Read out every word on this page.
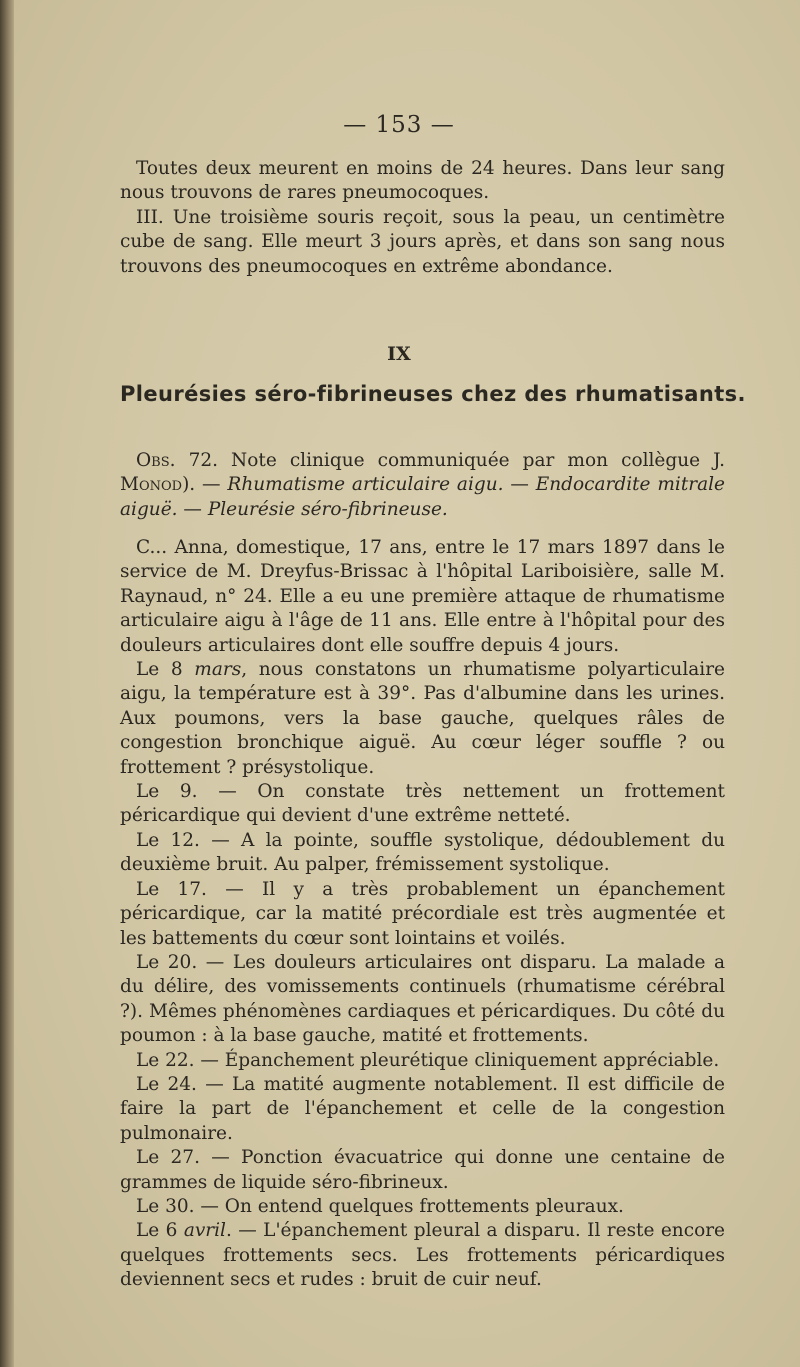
— 153 —

Toutes deux meurent en moins de 24 heures. Dans leur sang nous trouvons de rares pneumocoques.

III. Une troisième souris reçoit, sous la peau, un centimètre cube de sang. Elle meurt 3 jours après, et dans son sang nous trouvons des pneumocoques en extrême abondance.

IX
Pleurésies séro-fibrineuses chez des rhumatisants.

Obs. 72. Note clinique communiquée par mon collègue J. Monod). — Rhumatisme articulaire aigu. — Endocardite mitrale aiguë. — Pleurésie séro-fibrineuse.

C... Anna, domestique, 17 ans, entre le 17 mars 1897 dans le service de M. Dreyfus-Brissac à l'hôpital Lariboisière, salle M. Raynaud, n° 24. Elle a eu une première attaque de rhumatisme articulaire aigu à l'âge de 11 ans. Elle entre à l'hôpital pour des douleurs articulaires dont elle souffre depuis 4 jours.

Le 8 mars, nous constatons un rhumatisme polyarticulaire aigu, la température est à 39°. Pas d'albumine dans les urines. Aux poumons, vers la base gauche, quelques râles de congestion bronchique aiguë. Au cœur léger souffle ? ou frottement ? présystolique.

Le 9. — On constate très nettement un frottement péricardique qui devient d'une extrême netteté.

Le 12. — A la pointe, souffle systolique, dédoublement du deuxième bruit. Au palper, frémissement systolique.

Le 17. — Il y a très probablement un épanchement péricardique, car la matité précordiale est très augmentée et les battements du cœur sont lointains et voilés.

Le 20. — Les douleurs articulaires ont disparu. La malade a du délire, des vomissements continuels (rhumatisme cérébral ?). Mêmes phénomènes cardiaques et péricardiques. Du côté du poumon : à la base gauche, matité et frottements.

Le 22. — Épanchement pleurétique cliniquement appréciable.

Le 24. — La matité augmente notablement. Il est difficile de faire la part de l'épanchement et celle de la congestion pulmonaire.

Le 27. — Ponction évacuatrice qui donne une centaine de grammes de liquide séro-fibrineux.

Le 30. — On entend quelques frottements pleuraux.

Le 6 avril. — L'épanchement pleural a disparu. Il reste encore quelques frottements secs. Les frottements péricardiques deviennent secs et rudes : bruit de cuir neuf.
